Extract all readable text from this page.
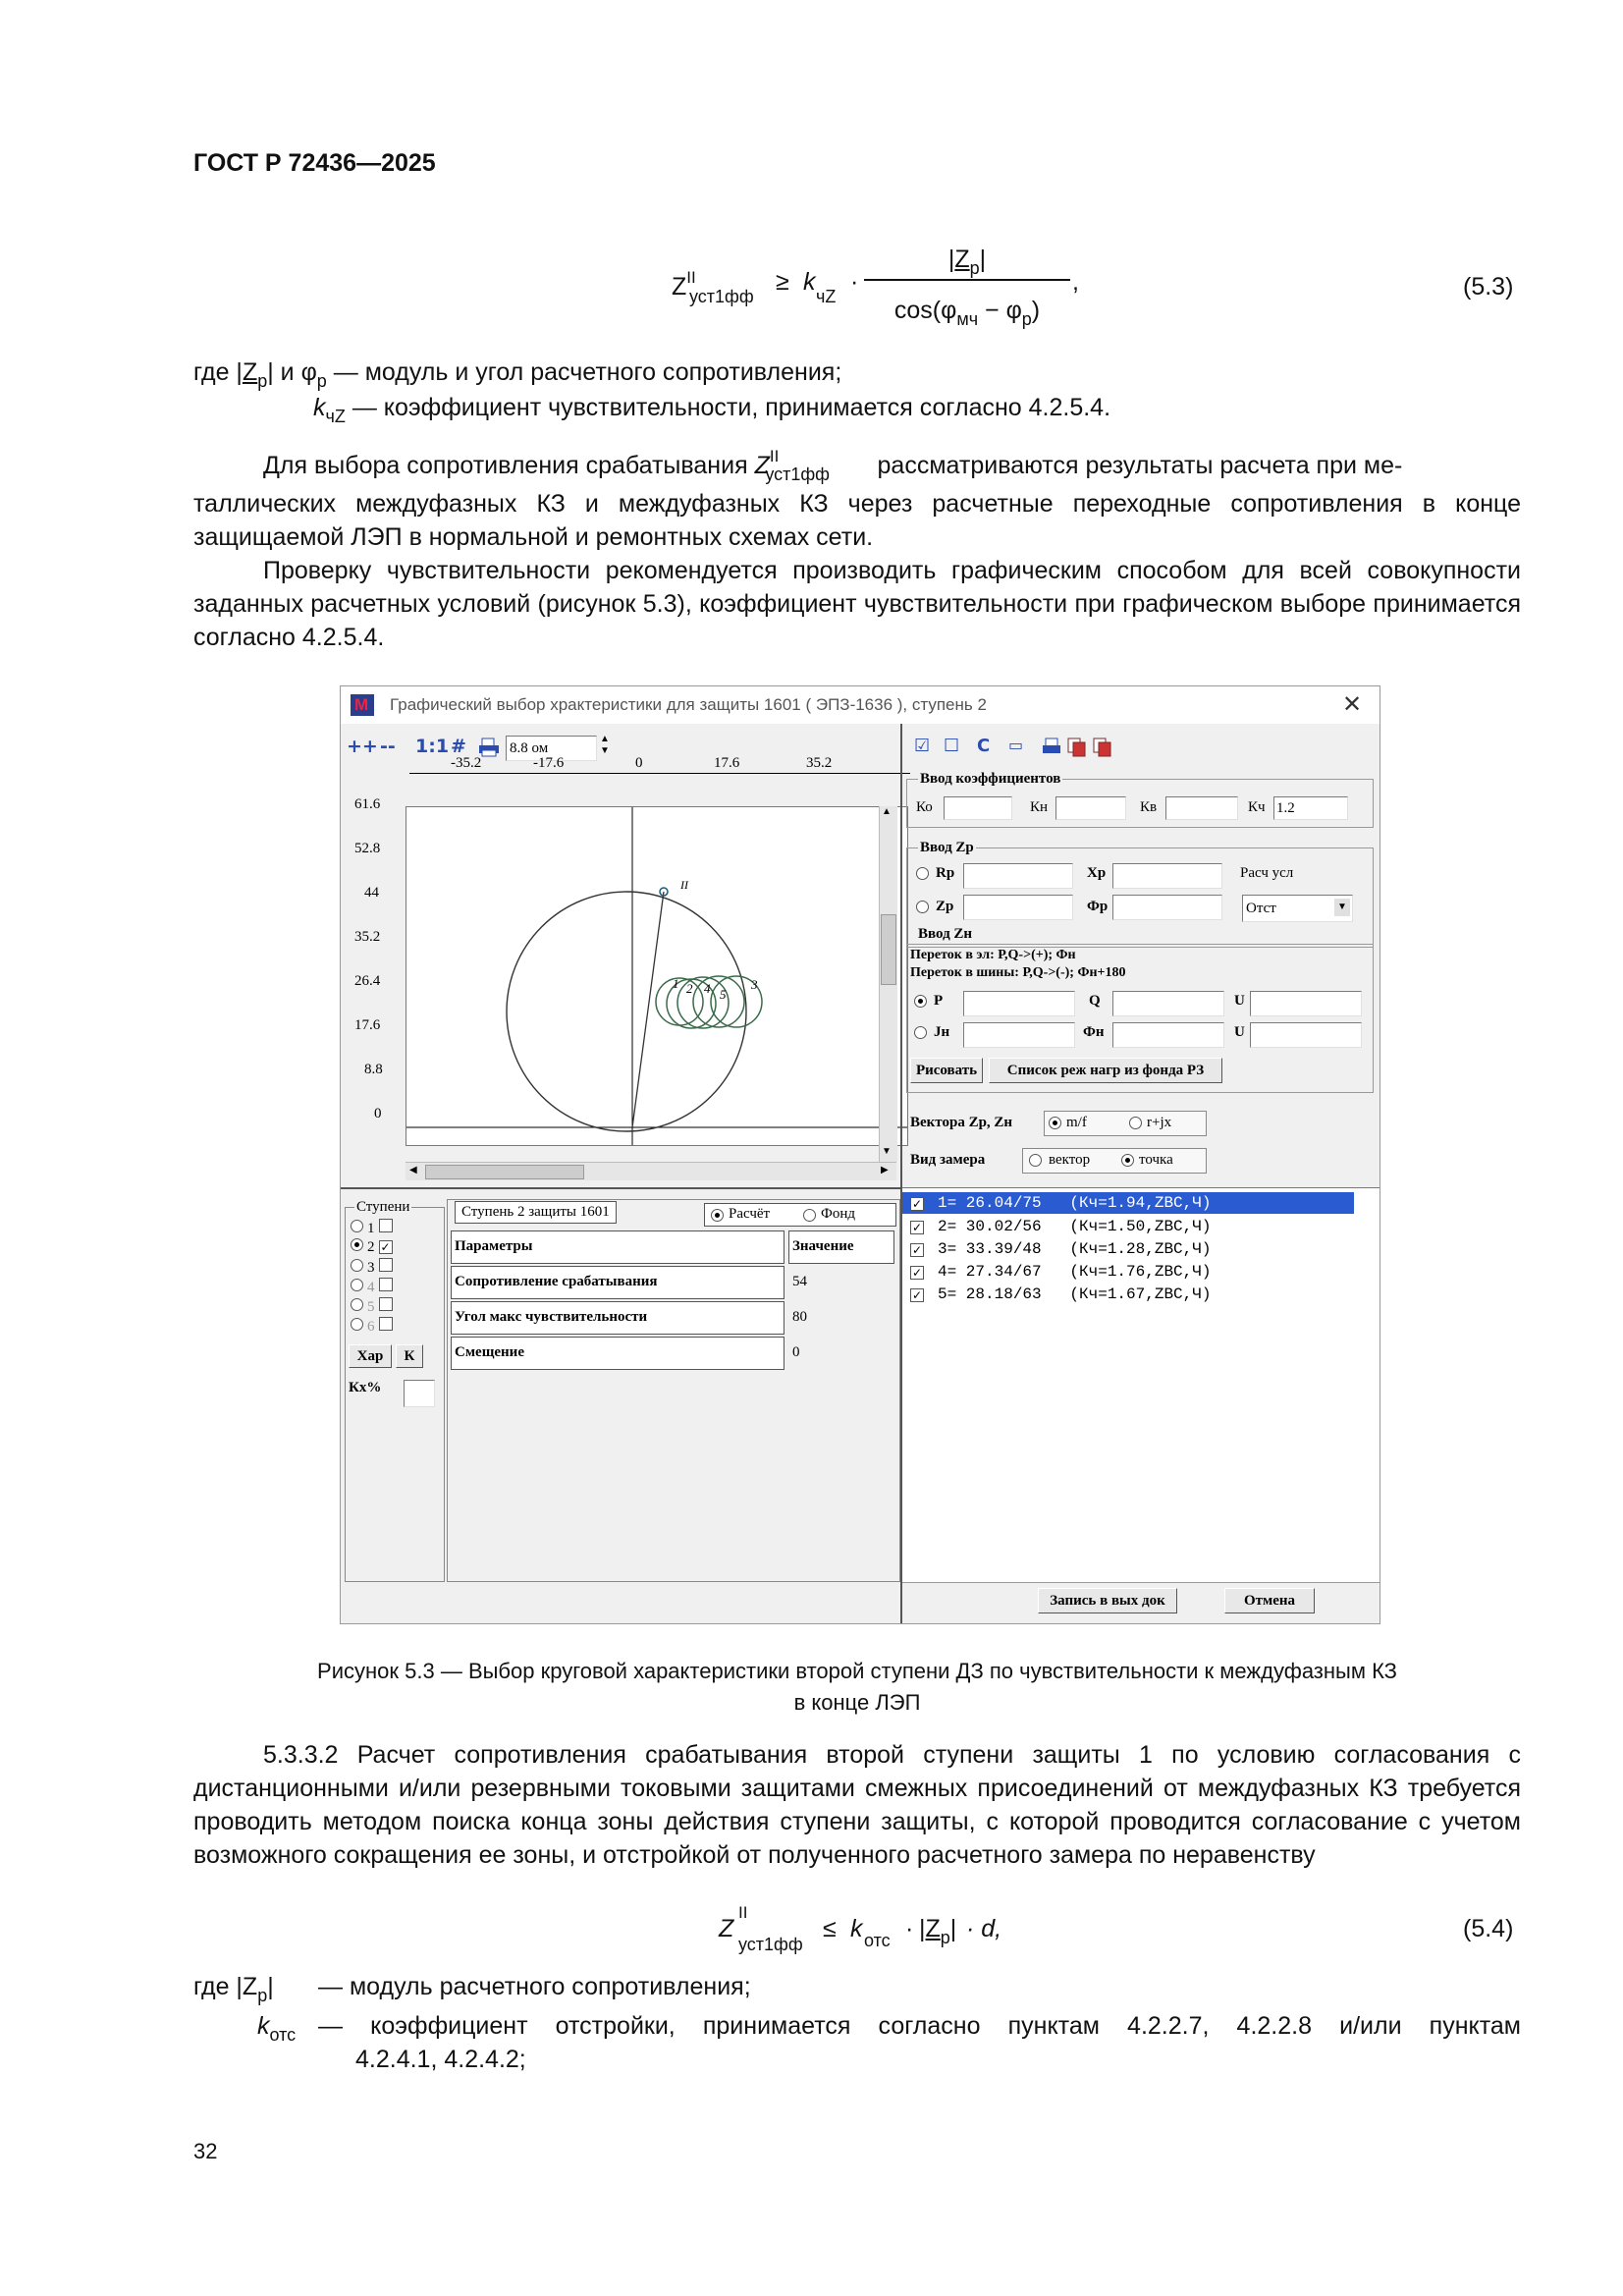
ГОСТ Р 72436—2025
$Z^{II}$
уст1фф
≥ k
чZ
·
$|Z_р|$
$\cos(\varphi_{мч} - \varphi_р)$
,	(5.3)
где $|Z_р|$ и $\varphi_р$ — модуль и угол расчетного сопротивления;
$k_{чZ}$ — коэффициент чувствительности, принимается согласно 4.2.5.4.
Для выбора сопротивления срабатывания $Z^{II}_{уст1фф}$ рассматриваются результаты расчета при ме-
таллических междуфазных КЗ и междуфазных КЗ через расчетные переходные сопротивления в конце защищаемой ЛЭП в нормальной и ремонтных схемах сети.
Проверку чувствительности рекомендуется производить графическим способом для всей совокупности заданных расчетных условий (рисунок 5.3), коэффициент чувствительности при графическом выборе принимается согласно 4.2.5.4.
M
Графический выбор храктеристики для защиты 1601 ( ЭПЗ-1636 ), ступень 2	✕
++ -- 1:1 #	8.8 ом
▲
▼
-35.2	-17.6	0	17.6	35.2
61.6
52.8
44
35.2
26.4
17.6
8.8
0
II
1 2	3
4 5
▲
▼
◀	▶
☑ ☐ C ▭
Ввод коэффициентов
Ко	Кн	Кв	Кч 1.2
Ввод Zр
Rр	Хр	Расч усл
Zр	Фр	Отст	▼
Ввод Zн
Переток в эл: Р,Q->(+); Фн
Переток в шины: Р,Q->(-); Фн+180
Р	Q	U
Jн	Фн	U
Рисовать	Список реж нагр из фонда РЗ
Вектора Zр, Zн	m/f	r+jx
Вид замера	вектор	точка
✓ 1= 26.04/75   (Кч=1.94,ZBC,Ч)
✓ 2= 30.02/56   (Кч=1.50,ZBC,Ч)
✓ 3= 33.39/48   (Кч=1.28,ZBC,Ч)
✓ 4= 27.34/67   (Кч=1.76,ZBC,Ч)
✓ 5= 28.18/63   (Кч=1.67,ZBC,Ч)
Ступени
1
2 ✓
3
4
5
6
Хар	К
Кх%
Ступень 2 защиты 1601	Расчёт	Фонд
Параметры	Значение
Сопротивление срабатывания	54
Угол макс чувствительности	80
Смещение	0
Запись в вых док	Отмена
Рисунок 5.3 — Выбор круговой характеристики второй ступени ДЗ по чувствительности к междуфазным КЗ
в конце ЛЭП
5.3.3.2 Расчет сопротивления срабатывания второй ступени защиты 1 по условию согласования с дистанционными и/или резервными токовыми защитами смежных присоединений от междуфазных КЗ требуется проводить методом поиска конца зоны действия ступени защиты, с которой проводится согласование с учетом возможного сокращения ее зоны, и отстройкой от полученного расчетного замера по неравенству
Z
II
уст1фф
≤ k отс · $|Z_р| \cdot d$,	(5.4)
где $|Z_р|$ — модуль расчетного сопротивления;
$k_{отс}$ — коэффициент отстройки, принимается согласно пунктам 4.2.2.7, 4.2.2.8 и/или пунктам
4.2.4.1, 4.2.4.2;
32
